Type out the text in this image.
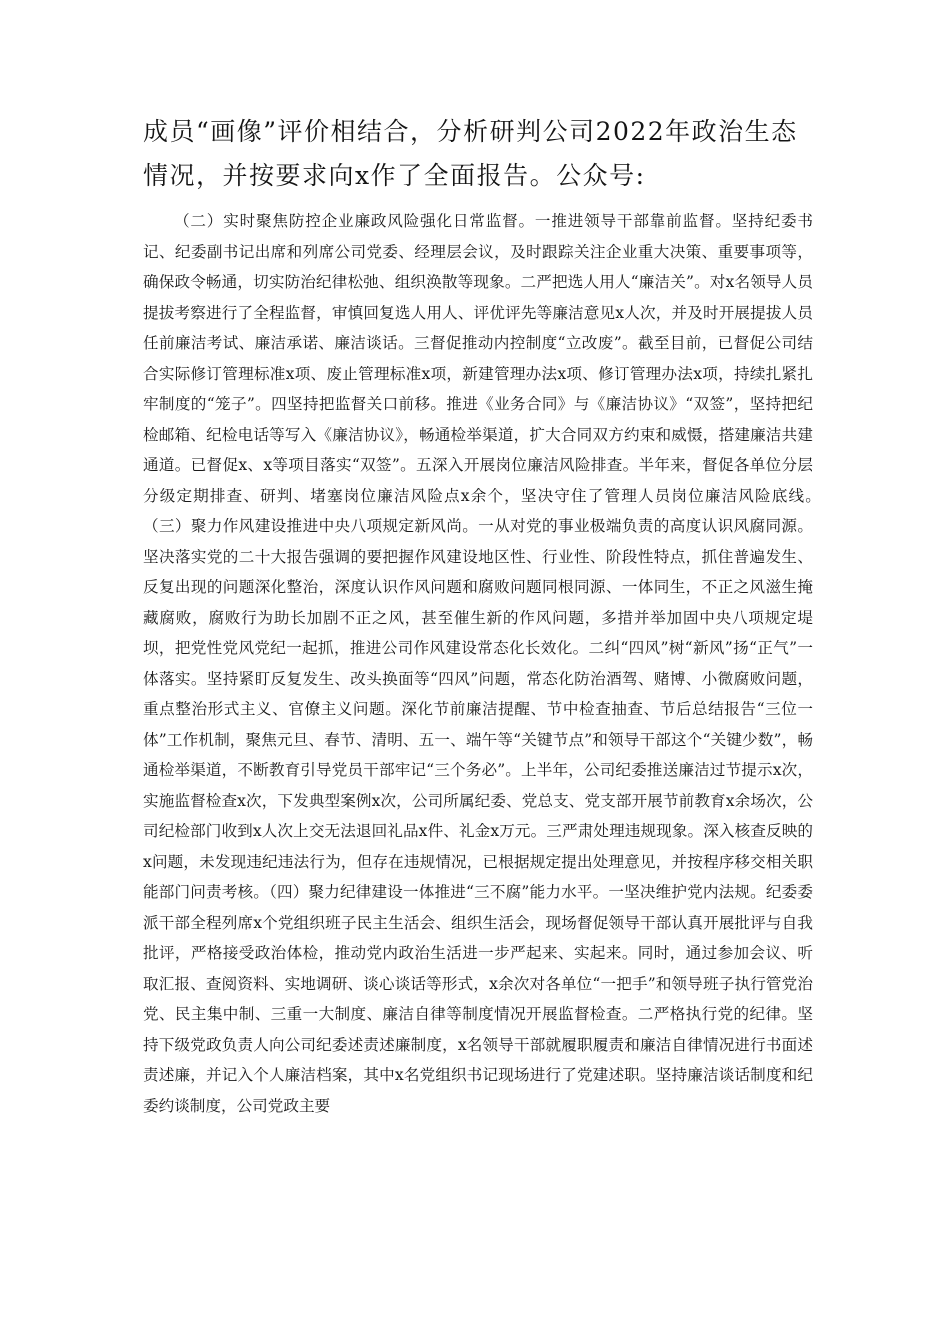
成员“画像”评价相结合，分析研判公司2022年政治生态

情况，并按要求向x作了全面报告。公众号:

（二）实时聚焦防控企业廉政风险强化日常监督。一推进领导干部靠前监督。坚持纪委书记、纪委副书记出席和列席公司党委、经理层会议，及时跟踪关注企业重大决策、重要事项等，确保政令畅通，切实防治纪律松弛、组织涣散等现象。二严把选人用人“廉洁关”。对x名领导人员提拔考察进行了全程监督，审慎回复选人用人、评优评先等廉洁意见x人次，并及时开展提拔人员任前廉洁考试、廉洁承诺、廉洁谈话。三督促推动内控制度“立改废”。截至目前，已督促公司结合实际修订管理标准x项、废止管理标准x项，新建管理办法x项、修订管理办法x项，持续扎紧扎牢制度的“笼子”。四坚持把监督关口前移。推进《业务合同》与《廉洁协议》“双签”，坚持把纪检邮箱、纪检电话等写入《廉洁协议》，畅通检举渠道，扩大合同双方约束和威慑，搭建廉洁共建通道。已督促x、x等项目落实“双签”。五深入开展岗位廉洁风险排查。半年来，督促各单位分层分级定期排查、研判、堵塞岗位廉洁风险点x余个，坚决守住了管理人员岗位廉洁风险底线。　（三）聚力作风建设推进中央八项规定新风尚。一从对党的事业极端负责的高度认识风腐同源。坚决落实党的二十大报告强调的要把握作风建设地区性、行业性、阶段性特点，抓住普遍发生、反复出现的问题深化整治，深度认识作风问题和腐败问题同根同源、一体同生，不正之风滋生掩藏腐败，腐败行为助长加剧不正之风，甚至催生新的作风问题，多措并举加固中央八项规定堤坝，把党性党风党纪一起抓，推进公司作风建设常态化长效化。二纠“四风”树“新风”扬“正气”一体落实。坚持紧盯反复发生、改头换面等“四风”问题，常态化防治酒驾、赌博、小微腐败问题，重点整治形式主义、官僚主义问题。深化节前廉洁提醒、节中检查抽查、节后总结报告“三位一体”工作机制，聚焦元旦、春节、清明、五一、端午等“关键节点”和领导干部这个“关键少数”，畅通检举渠道，不断教育引导党员干部牢记“三个务必”。上半年，公司纪委推送廉洁过节提示x次，实施监督检查x次，下发典型案例x次，公司所属纪委、党总支、党支部开展节前教育x余场次，公司纪检部门收到x人次上交无法退回礼品x件、礼金x万元。三严肃处理违规现象。深入核查反映的x问题，未发现违纪违法行为，但存在违规情况，已根据规定提出处理意见，并按程序移交相关职能部门问责考核。（四）聚力纪律建设一体推进“三不腐”能力水平。一坚决维护党内法规。纪委委派干部全程列席x个党组织班子民主生活会、组织生活会，现场督促领导干部认真开展批评与自我批评，严格接受政治体检，推动党内政治生活进一步严起来、实起来。同时，通过参加会议、听取汇报、查阅资料、实地调研、谈心谈话等形式，x余次对各单位“一把手”和领导班子执行管党治党、民主集中制、三重一大制度、廉洁自律等制度情况开展监督检查。二严格执行党的纪律。坚持下级党政负责人向公司纪委述责述廉制度，x名领导干部就履职履责和廉洁自律情况进行书面述责述廉，并记入个人廉洁档案，其中x名党组织书记现场进行了党建述职。坚持廉洁谈话制度和纪委约谈制度，公司党政主要
